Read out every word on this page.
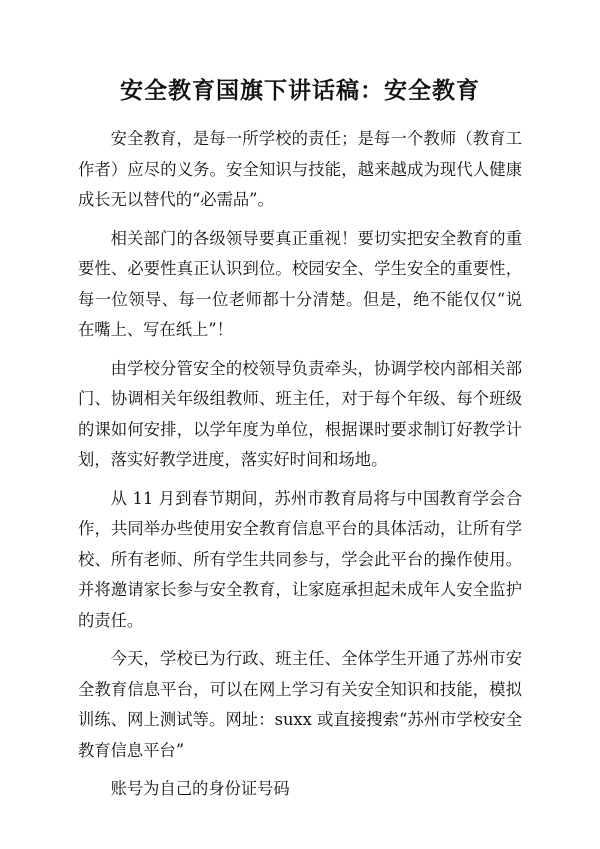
安全教育国旗下讲话稿：安全教育

安全教育，是每一所学校的责任；是每一个教师（教育工作者）应尽的义务。安全知识与技能，越来越成为现代人健康成长无以替代的“必需品”。

相关部门的各级领导要真正重视！要切实把安全教育的重要性、必要性真正认识到位。校园安全、学生安全的重要性，每一位领导、每一位老师都十分清楚。但是，绝不能仅仅“说在嘴上、写在纸上”！

由学校分管安全的校领导负责牵头，协调学校内部相关部门、协调相关年级组教师、班主任，对于每个年级、每个班级的课如何安排，以学年度为单位，根据课时要求制订好教学计划，落实好教学进度，落实好时间和场地。

从 11 月到春节期间，苏州市教育局将与中国教育学会合作，共同举办些使用安全教育信息平台的具体活动，让所有学校、所有老师、所有学生共同参与，学会此平台的操作使用。并将邀请家长参与安全教育，让家庭承担起未成年人安全监护的责任。

今天，学校已为行政、班主任、全体学生开通了苏州市安全教育信息平台，可以在网上学习有关安全知识和技能，模拟训练、网上测试等。网址：suxx 或直接搜索“苏州市学校安全教育信息平台”

账号为自己的身份证号码
